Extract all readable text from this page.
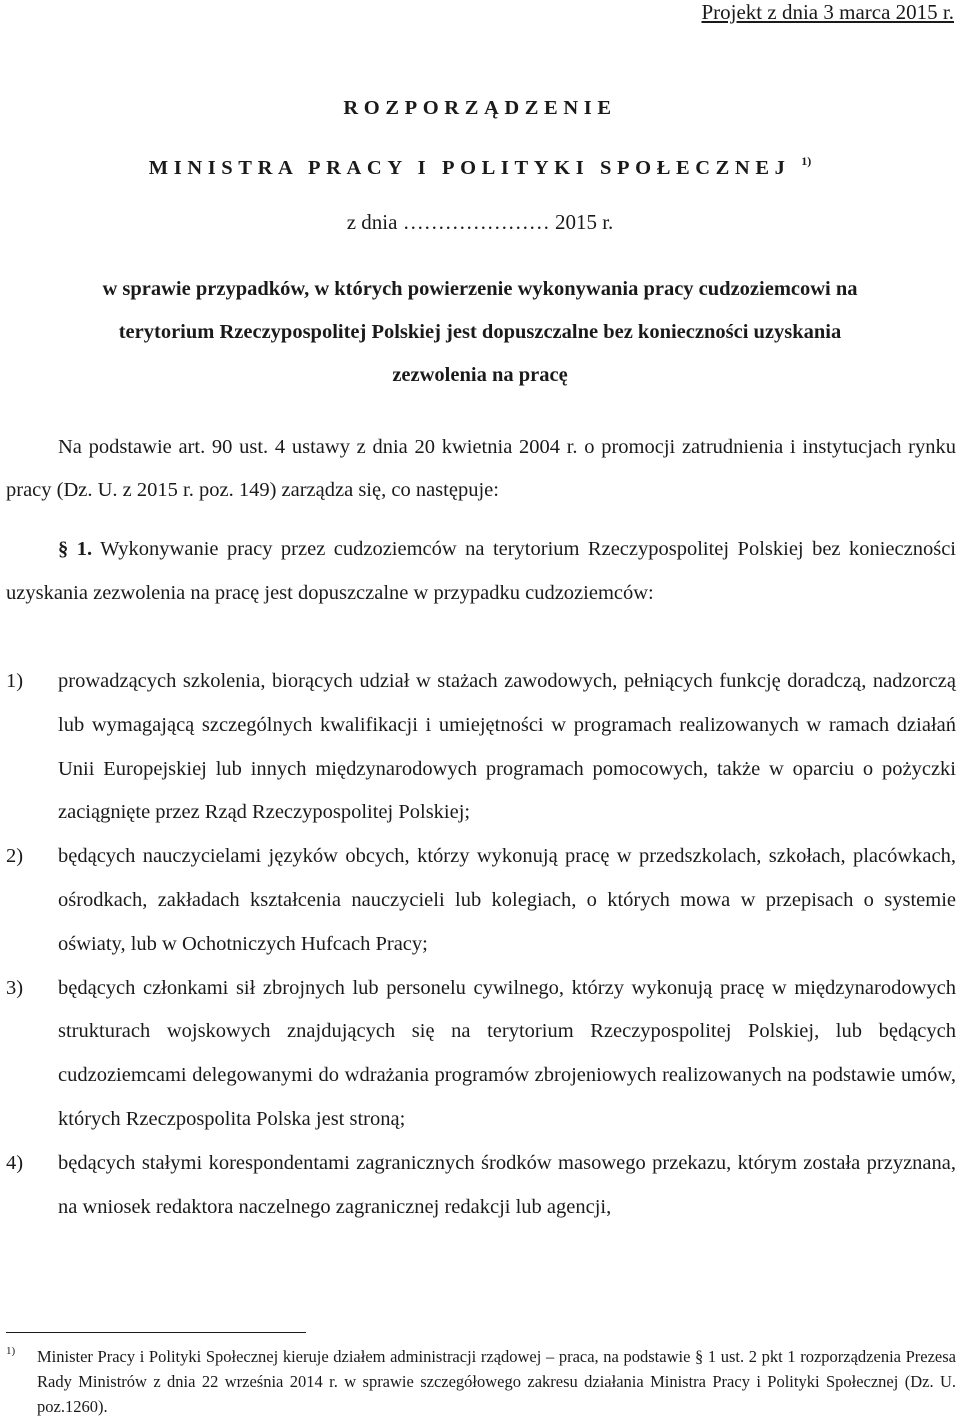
Projekt z dnia 3 marca 2015 r.
ROZPORZĄDZENIE
MINISTRA PRACY I POLITYKI SPOŁECZNEJ $^{1)}$
z dnia ………………… 2015 r.
w sprawie przypadków, w których powierzenie wykonywania pracy cudzoziemcowi na
terytorium Rzeczypospolitej Polskiej jest dopuszczalne bez konieczności uzyskania
zezwolenia na pracę
Na podstawie art. 90 ust. 4 ustawy z dnia 20 kwietnia 2004 r. o promocji zatrudnienia i instytucjach rynku pracy (Dz. U. z 2015 r. poz. 149) zarządza się, co następuje:
§ 1. Wykonywanie pracy przez cudzoziemców na terytorium Rzeczypospolitej Polskiej bez konieczności uzyskania zezwolenia na pracę jest dopuszczalne w przypadku cudzoziemców:
1) prowadzących szkolenia, biorących udział w stażach zawodowych, pełniących funkcję doradczą, nadzorczą lub wymagającą szczególnych kwalifikacji i umiejętności w programach realizowanych w ramach działań Unii Europejskiej lub innych międzynarodowych programach pomocowych, także w oparciu o pożyczki zaciągnięte przez Rząd Rzeczypospolitej Polskiej;
2) będących nauczycielami języków obcych, którzy wykonują pracę w przedszkolach, szkołach, placówkach, ośrodkach, zakładach kształcenia nauczycieli lub kolegiach, o których mowa w przepisach o systemie oświaty, lub w Ochotniczych Hufcach Pracy;
3) będących członkami sił zbrojnych lub personelu cywilnego, którzy wykonują pracę w międzynarodowych strukturach wojskowych znajdujących się na terytorium Rzeczypospolitej Polskiej, lub będących cudzoziemcami delegowanymi do wdrażania programów zbrojeniowych realizowanych na podstawie umów, których Rzeczpospolita Polska jest stroną;
4) będących stałymi korespondentami zagranicznych środków masowego przekazu, którym została przyznana, na wniosek redaktora naczelnego zagranicznej redakcji lub agencji,
1)	Minister Pracy i Polityki Społecznej kieruje działem administracji rządowej – praca, na podstawie § 1 ust. 2 pkt 1 rozporządzenia Prezesa Rady Ministrów z dnia 22 września 2014 r. w sprawie szczegółowego zakresu działania Ministra Pracy i Polityki Społecznej (Dz. U. poz.1260).
